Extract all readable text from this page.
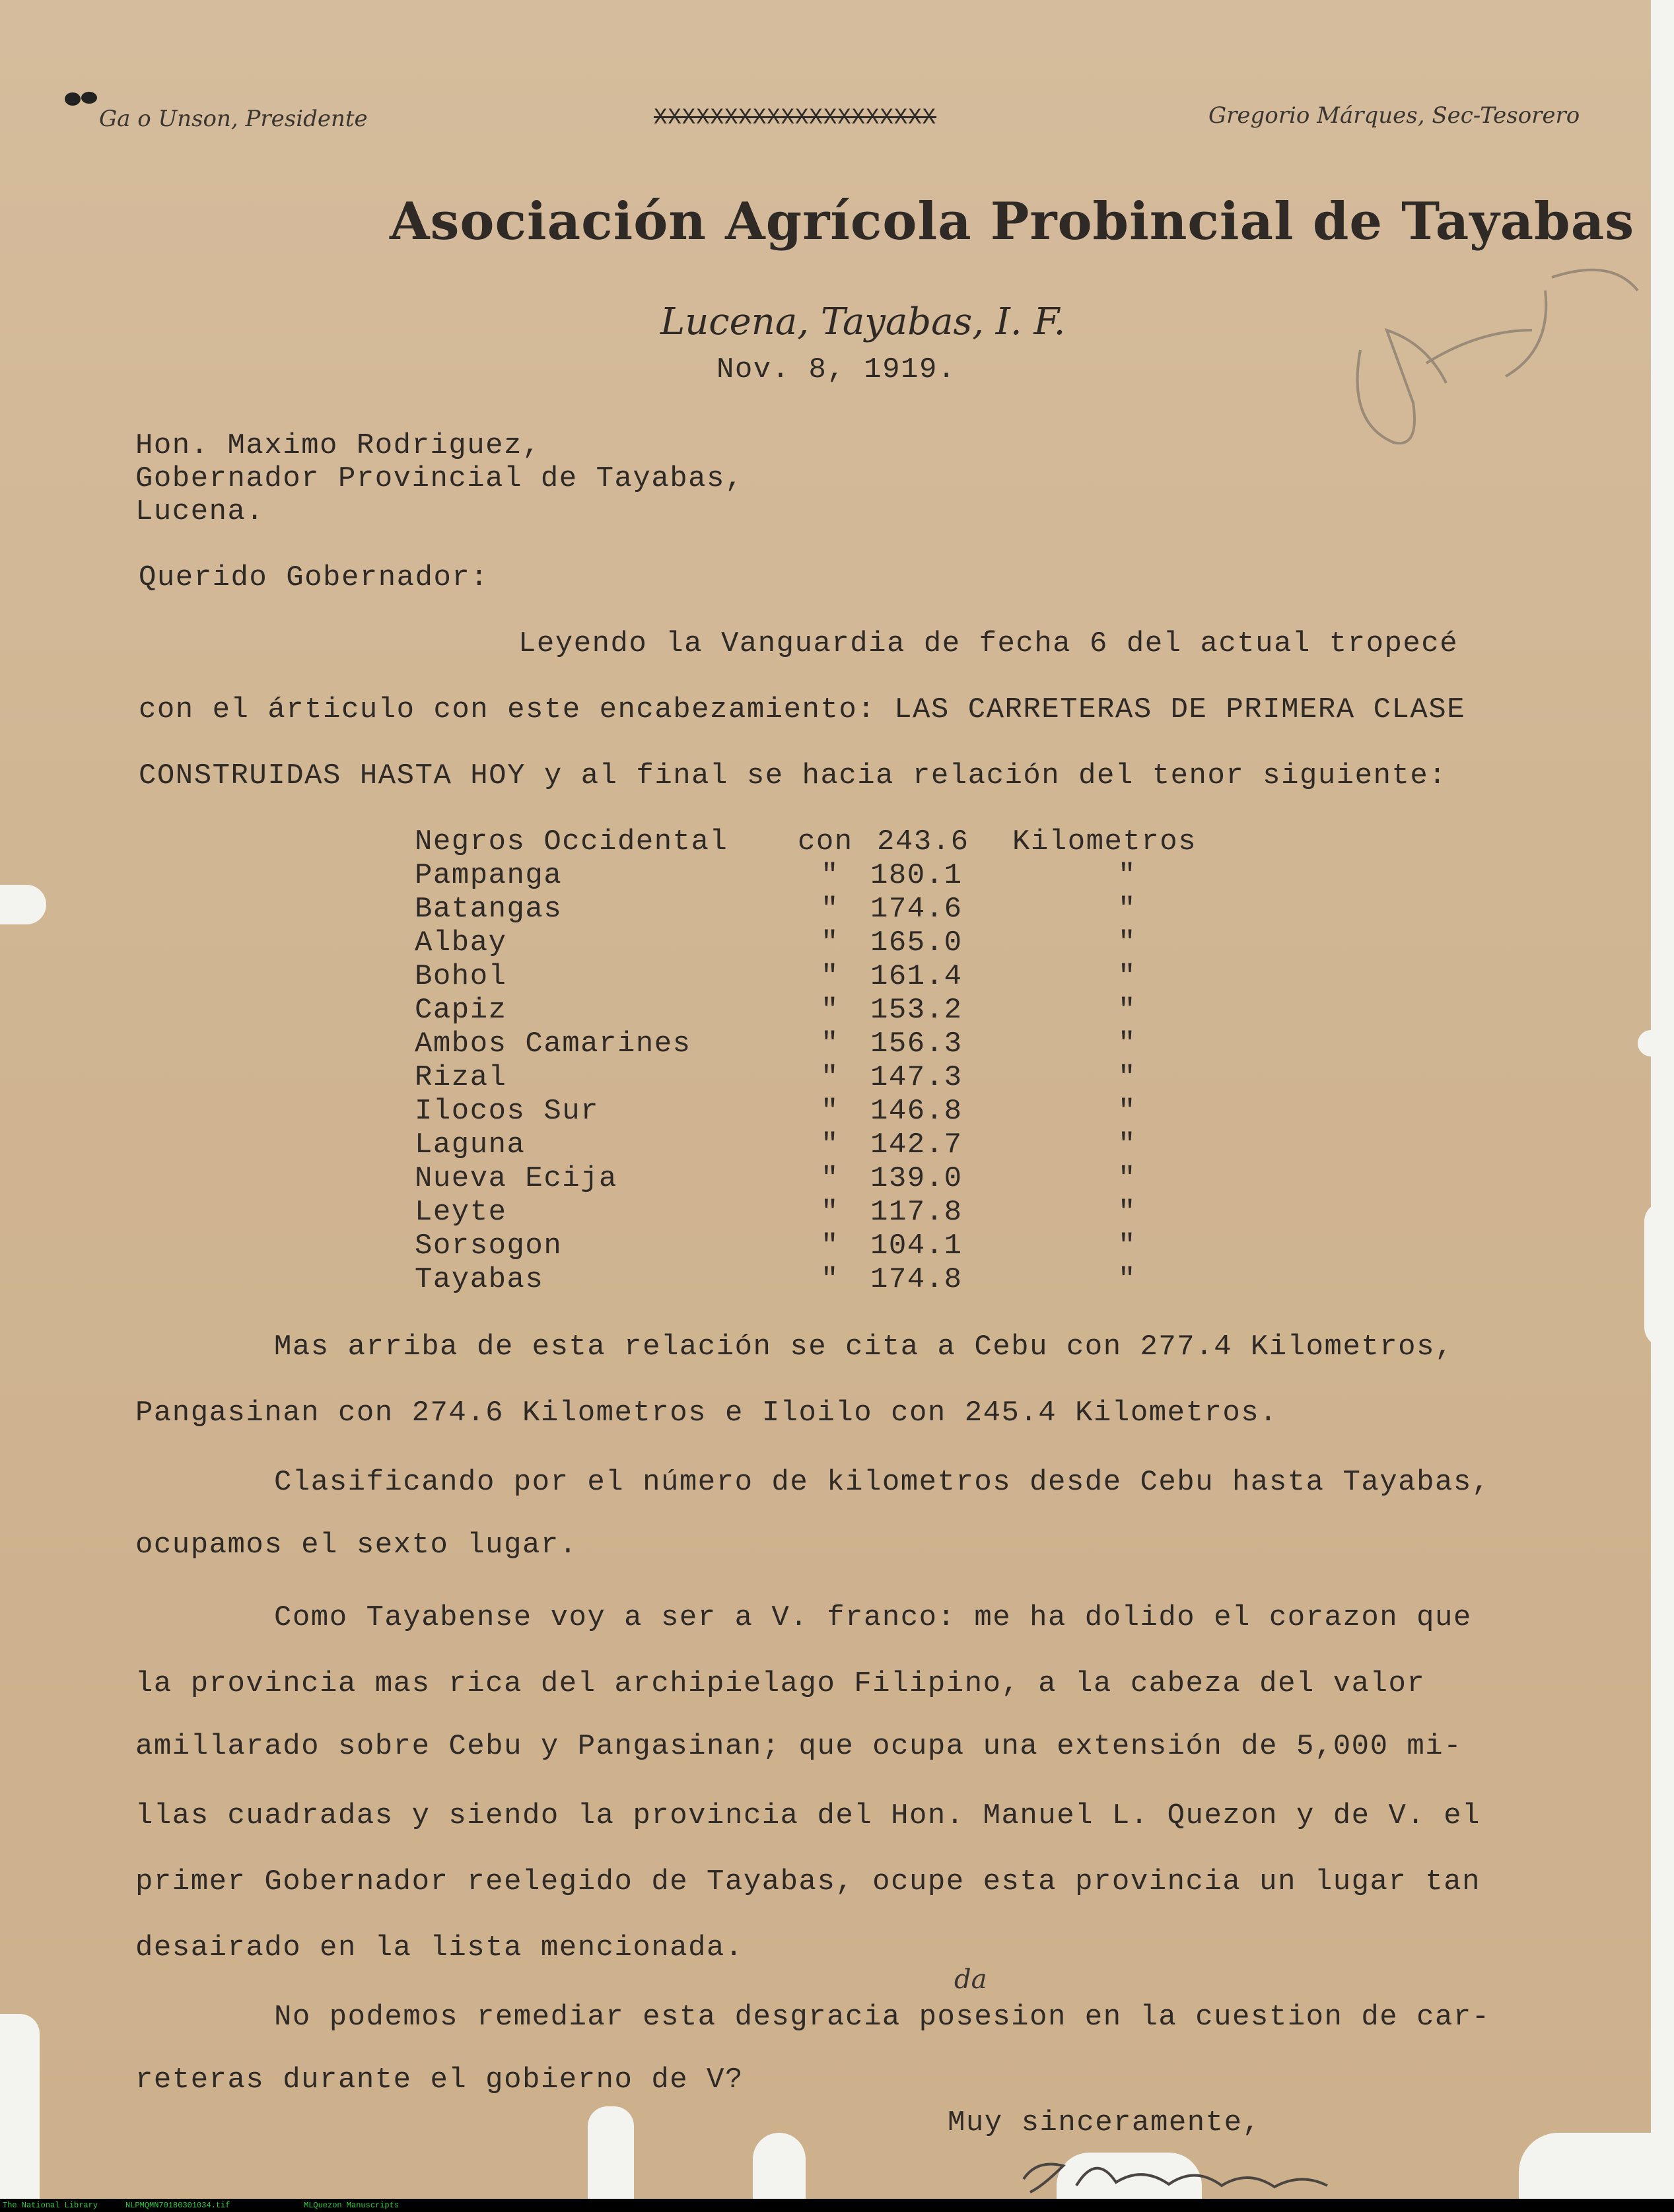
Ga o Unson, Presidente	XXXXXXXXXXXXXXXXXXXX	Gregorio Márques, Sec-Tesorero
Asociación Agrícola Probincial de Tayabas
Lucena, Tayabas, I. F.
Nov. 8, 1919.
Hon. Maximo Rodriguez,
Gobernador Provincial de Tayabas,
Lucena.
Querido Gobernador:
Leyendo la Vanguardia de fecha 6 del actual tropecé
con el árticulo con este encabezamiento: LAS CARRETERAS DE PRIMERA CLASE
CONSTRUIDAS HASTA HOY y al final se hacia relación del tenor siguiente:
Negros Occidental con 243.6 Kilometros
Pampanga	" 180.1	"
Batangas	" 174.6	"
Albay	" 165.0	"
Bohol	" 161.4	"
Capiz	" 153.2	"
Ambos Camarines	" 156.3	"
Rizal	" 147.3	"
Ilocos Sur	" 146.8	"
Laguna	" 142.7	"
Nueva Ecija	" 139.0	"
Leyte	" 117.8	"
Sorsogon	" 104.1	"
Tayabas	" 174.8	"
Mas arriba de esta relación se cita a Cebu con 277.4 Kilometros,
Pangasinan con 274.6 Kilometros e Iloilo con 245.4 Kilometros.
Clasificando por el número de kilometros desde Cebu hasta Tayabas,
ocupamos el sexto lugar.
Como Tayabense voy a ser a V. franco: me ha dolido el corazon que
la provincia mas rica del archipielago Filipino, a la cabeza del valor
amillarado sobre Cebu y Pangasinan; que ocupa una extensión de 5,000 mi-
llas cuadradas y siendo la provincia del Hon. Manuel L. Quezon y de V. el
primer Gobernador reelegido de Tayabas, ocupe esta provincia un lugar tan
desairado en la lista mencionada.
da
No podemos remediar esta desgracia posesion en la cuestion de car-
reteras durante el gobierno de V?
Muy sinceramente,
The National Library	NLPMQMN70180301034.tif	MLQuezon Manuscripts
